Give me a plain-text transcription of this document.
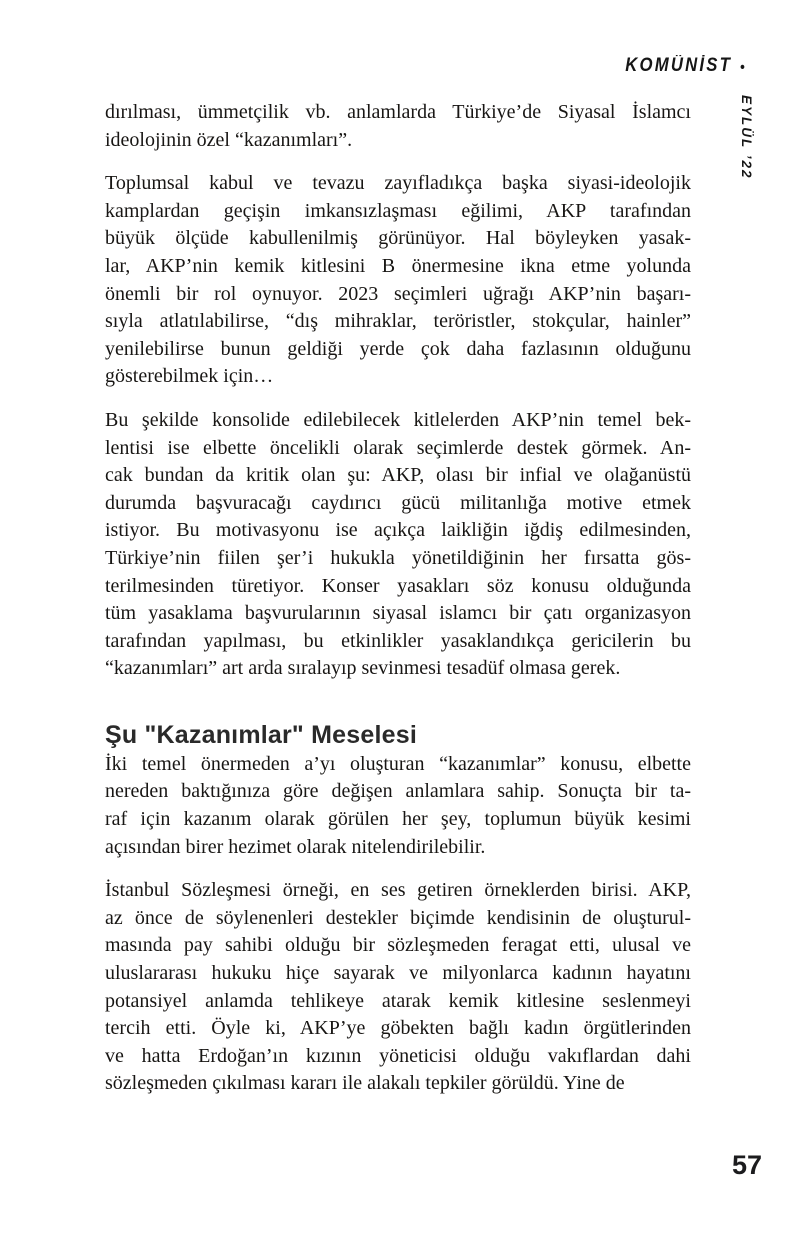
KOMÜNİST •
EYLÜL ’22

dırılması, ümmetçilik vb. anlamlarda Türkiye’de Siyasal İslamcı
ideolojinin özel “kazanımları”.

Toplumsal kabul ve tevazu zayıfladıkça başka siyasi-ideolojik
kamplardan geçişin imkansızlaşması eğilimi, AKP tarafından
büyük ölçüde kabullenilmiş görünüyor. Hal böyleyken yasak-
lar, AKP’nin kemik kitlesini B önermesine ikna etme yolunda
önemli bir rol oynuyor. 2023 seçimleri uğrağı AKP’nin başarı-
sıyla atlatılabilirse, “dış mihraklar, teröristler, stokçular, hainler”
yenilebilirse bunun geldiği yerde çok daha fazlasının olduğunu
gösterebilmek için…

Bu şekilde konsolide edilebilecek kitlelerden AKP’nin temel bek-
lentisi ise elbette öncelikli olarak seçimlerde destek görmek. An-
cak bundan da kritik olan şu: AKP, olası bir infial ve olağanüstü
durumda başvuracağı caydırıcı gücü militanlığa motive etmek
istiyor. Bu motivasyonu ise açıkça laikliğin iğdiş edilmesinden,
Türkiye’nin fiilen şer’i hukukla yönetildiğinin her fırsatta gös-
terilmesinden türetiyor. Konser yasakları söz konusu olduğunda
tüm yasaklama başvurularının siyasal islamcı bir çatı organizasyon
tarafından yapılması, bu etkinlikler yasaklandıkça gericilerin bu
“kazanımları” art arda sıralayıp sevinmesi tesadüf olmasa gerek.

Şu "Kazanımlar" Meselesi

İki temel önermeden a’yı oluşturan “kazanımlar” konusu, elbette
nereden baktığınıza göre değişen anlamlara sahip. Sonuçta bir ta-
raf için kazanım olarak görülen her şey, toplumun büyük kesimi
açısından birer hezimet olarak nitelendirilebilir.

İstanbul Sözleşmesi örneği, en ses getiren örneklerden birisi. AKP,
az önce de söylenenleri destekler biçimde kendisinin de oluşturul-
masında pay sahibi olduğu bir sözleşmeden feragat etti, ulusal ve
uluslararası hukuku hiçe sayarak ve milyonlarca kadının hayatını
potansiyel anlamda tehlikeye atarak kemik kitlesine seslenmeyi
tercih etti. Öyle ki, AKP’ye göbekten bağlı kadın örgütlerinden
ve hatta Erdoğan’ın kızının yöneticisi olduğu vakıflardan dahi
sözleşmeden çıkılması kararı ile alakalı tepkiler görüldü. Yine de

57
